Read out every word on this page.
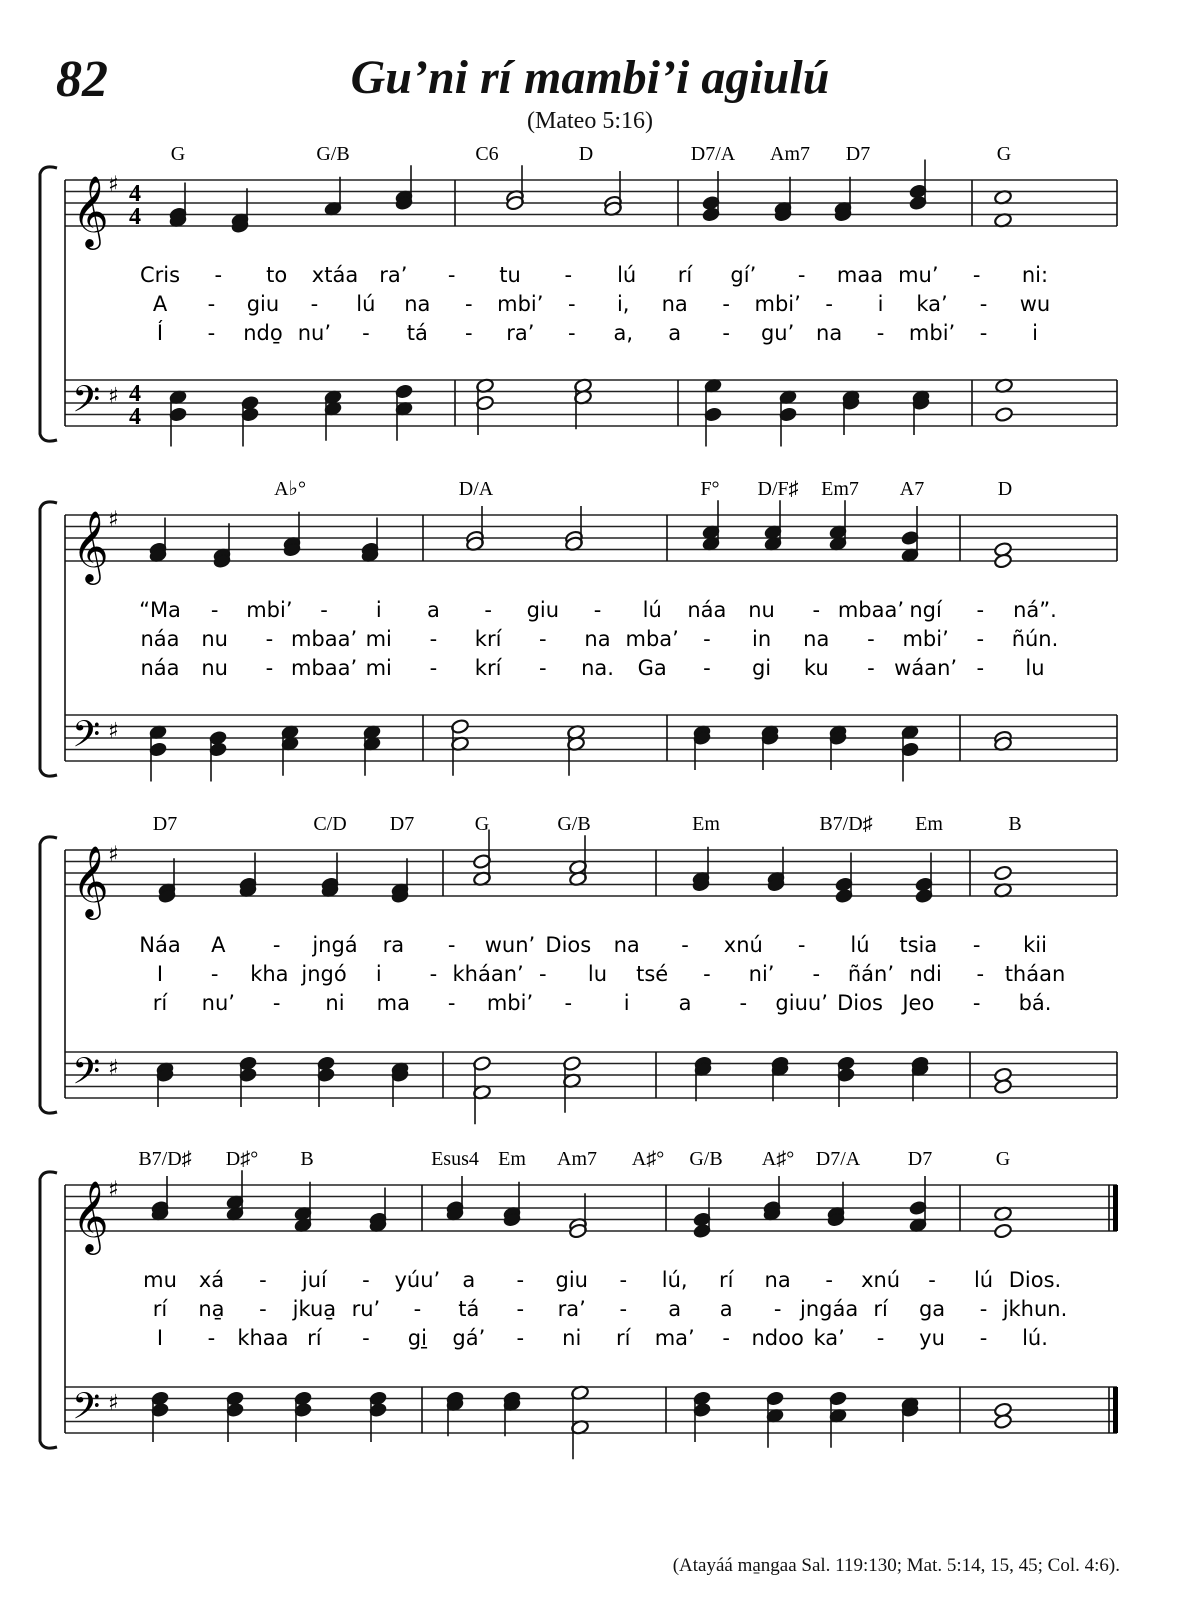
82	Gu’ni rí mambi’i agiulú
(Mateo 5:16)
𝄞
𝄢
♯
♯
4
4
4
4
G	G/B	C6	D	D7/A Am7 D7	G
Cris - to xtáa ra’ - tu - lú rí gí’ - maa mu’ - ni:
A - giu - lú na - mbi’ - i, na - mbi’ - i ka’ - wu
Í - ndo̱ nu’ - tá - ra’ - a, a - gu’ na - mbi’ - i
𝄞
𝄢
♯
♯
A♭°	D/A	F° D/F♯ Em7 A7	D
“Ma - mbi’ - i a - giu - lú náa nu - mbaa’ ngí - ná”.
náa nu - mbaa’ mi - krí - na mba’ - in na - mbi’ - ñún.
náa nu - mbaa’ mi - krí - na. Ga - gi ku - wáan’ - lu
𝄞
𝄢
♯
♯
D7	C/D D7	G	G/B	Em	B7/D♯ Em	B
Náa A - jngá ra - wun’ Dios na - xnú - lú tsia - kii
I - kha jngó i - kháan’ - lu tsé - ni’ - ñán’ ndi - tháan
rí nu’ - ni ma - mbi’ - i a - giuu’ Dios Jeo - bá.
𝄞
𝄢
♯
♯
B7/D♯ D♯° B	Esus4 Em Am7 A♯° G/B A♯° D7/A D7	G
mu xá - juí - yúu’ a - giu - lú, rí na - xnú - lú Dios.
rí na̱ - jkua̱ ru’ - tá - ra’ - a a - jngáa rí ga - jkhun.
I - khaa rí - gi̱ gá’ - ni rí ma’ - ndoo ka’ - yu - lú.
(Atayáá ma̱ngaa Sal. 119:130; Mat. 5:14, 15, 45; Col. 4:6).
